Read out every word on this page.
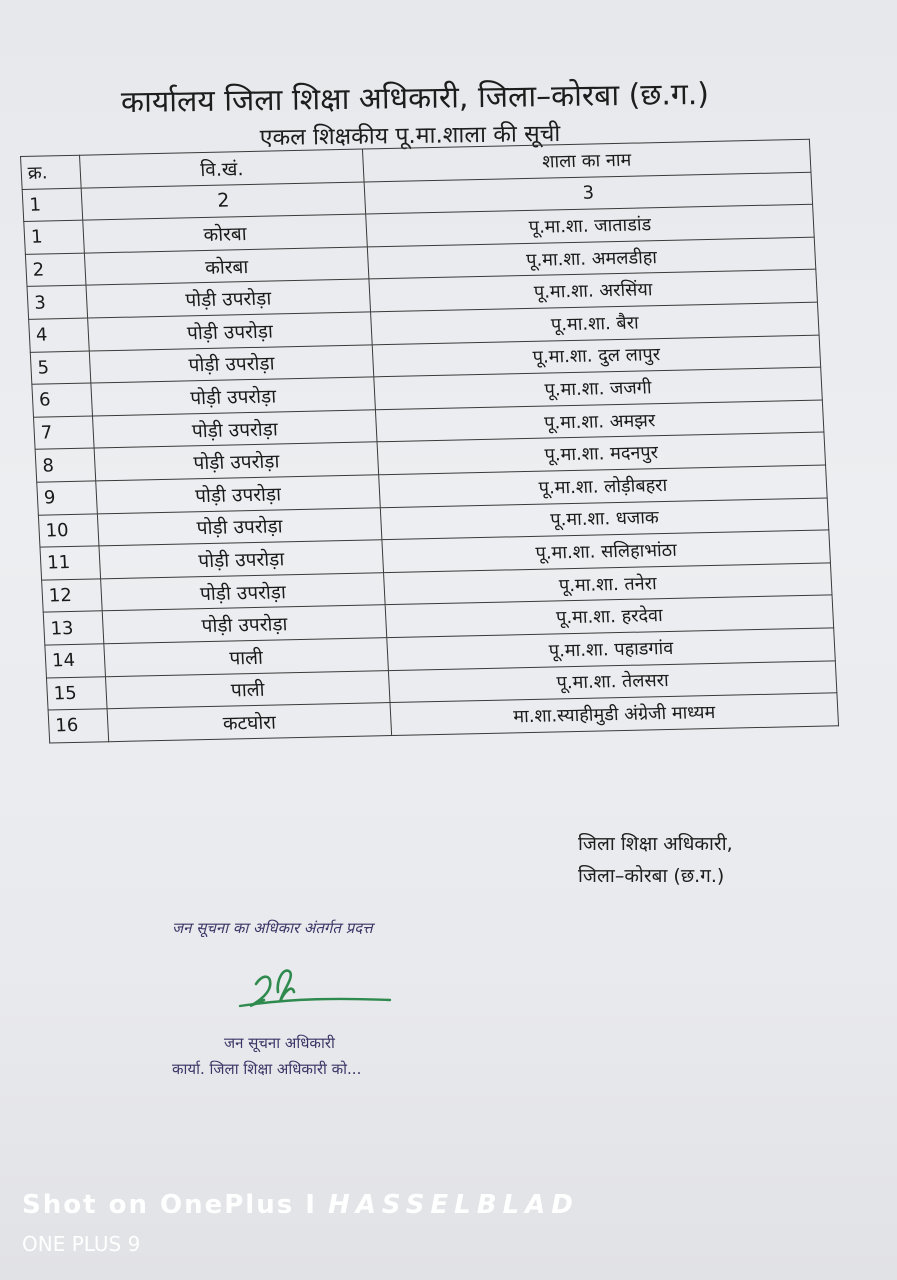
कार्यालय जिला शिक्षा अधिकारी, जिला–कोरबा (छ.ग.)
एकल शिक्षकीय पू.मा.शाला की सूची
क्र.	वि.खं.	शाला का नाम
1	2	3
1	कोरबा	पू.मा.शा. जाताडांड
2	कोरबा	पू.मा.शा. अमलडीहा
3	पोड़ी उपरोड़ा	पू.मा.शा. अरसिंया
4	पोड़ी उपरोड़ा	पू.मा.शा. बैरा
5	पोड़ी उपरोड़ा	पू.मा.शा. दुल लापुर
6	पोड़ी उपरोड़ा	पू.मा.शा. जजगी
7	पोड़ी उपरोड़ा	पू.मा.शा. अमझर
8	पोड़ी उपरोड़ा	पू.मा.शा. मदनपुर
9	पोड़ी उपरोड़ा	पू.मा.शा. लोड़ीबहरा
10	पोड़ी उपरोड़ा	पू.मा.शा. धजाक
11	पोड़ी उपरोड़ा	पू.मा.शा. सलिहाभांठा
12	पोड़ी उपरोड़ा	पू.मा.शा. तनेरा
13	पोड़ी उपरोड़ा	पू.मा.शा. हरदेवा
14	पाली	पू.मा.शा. पहाडगांव
15	पाली	पू.मा.शा. तेलसरा
16	कटघोरा	मा.शा.स्याहीमुडी अंग्रेजी माध्यम
जिला शिक्षा अधिकारी,
जिला–कोरबा (छ.ग.)
जन सूचना का अधिकार अंतर्गत प्रदत्त
जन सूचना अधिकारी
कार्या. जिला शिक्षा अधिकारी को...
Shot on OnePlus I HASSELBLAD
ONE PLUS 9
